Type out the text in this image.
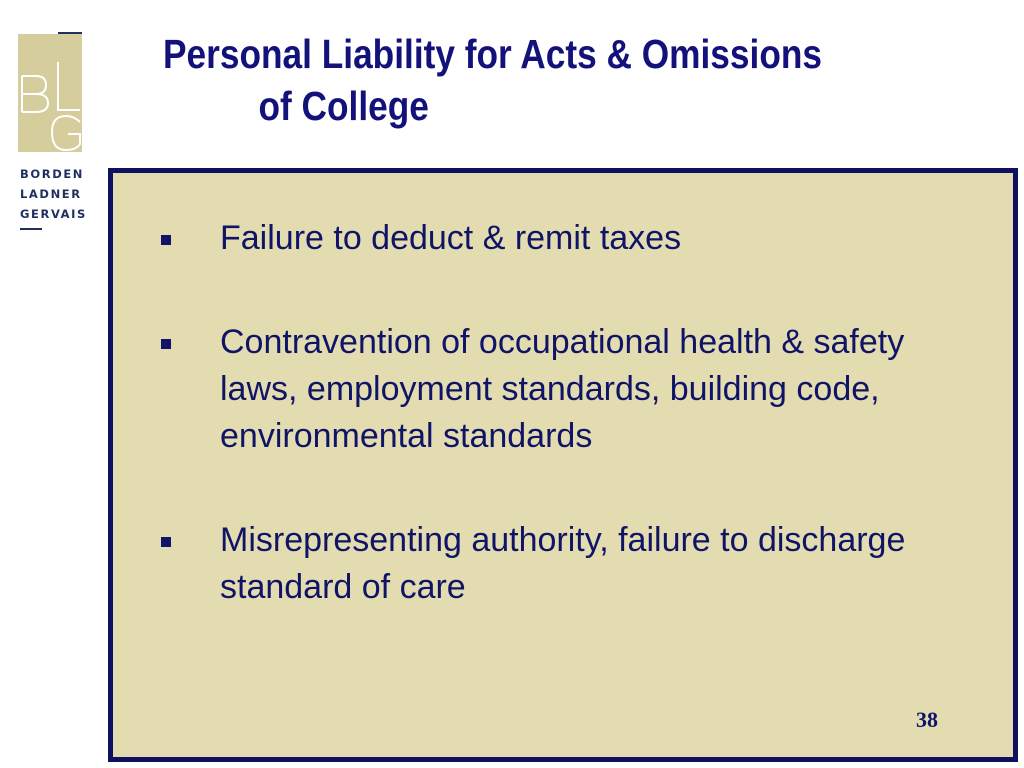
BORDEN
LADNER
GERVAIS
Personal Liability for Acts & Omissions
of College
Failure to deduct & remit taxes
Contravention of occupational health & safety laws, employment standards, building code, environmental standards
Misrepresenting authority, failure to discharge standard of care
38
